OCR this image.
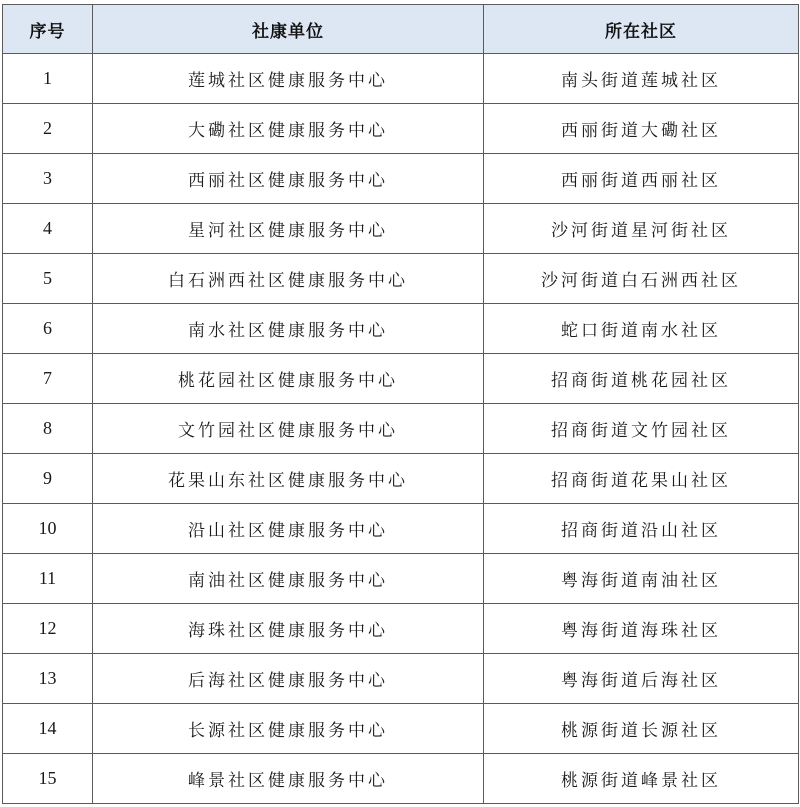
序号	社康单位	所在社区
1	莲城社区健康服务中心	南头街道莲城社区
2	大磡社区健康服务中心	西丽街道大磡社区
3	西丽社区健康服务中心	西丽街道西丽社区
4	星河社区健康服务中心	沙河街道星河街社区
5	白石洲西社区健康服务中心	沙河街道白石洲西社区
6	南水社区健康服务中心	蛇口街道南水社区
7	桃花园社区健康服务中心	招商街道桃花园社区
8	文竹园社区健康服务中心	招商街道文竹园社区
9	花果山东社区健康服务中心	招商街道花果山社区
10	沿山社区健康服务中心	招商街道沿山社区
11	南油社区健康服务中心	粤海街道南油社区
12	海珠社区健康服务中心	粤海街道海珠社区
13	后海社区健康服务中心	粤海街道后海社区
14	长源社区健康服务中心	桃源街道长源社区
15	峰景社区健康服务中心	桃源街道峰景社区
